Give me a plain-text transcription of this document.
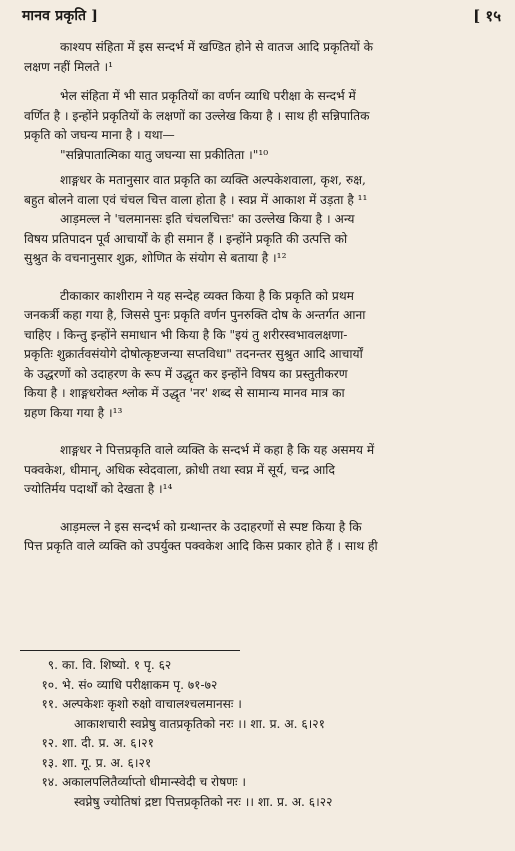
मानव प्रकृति ]	[ १५

काश्यप संहिता में इस सन्दर्भ में खण्डित होने से वातज आदि प्रकृतियों के
लक्षण नहीं मिलते ।¹

भेल संहिता में भी सात प्रकृतियों का वर्णन व्याधि परीक्षा के सन्दर्भ में
वर्णित है । इन्होंने प्रकृतियों के लक्षणों का उल्लेख किया है । साथ ही सन्निपातिक
प्रकृति को जघन्य माना है । यथा—
"सन्निपातात्मिका यातु जघन्या सा प्रकीतिता ।"¹⁰

शाङ्गधर के मतानुसार वात प्रकृति का व्यक्ति अल्पकेशवाला, कृश, रुक्ष,
बहुत बोलने वाला एवं चंचल चित्त वाला होता है । स्वप्न में आकाश में उड़ता है ¹¹

आड़मल्ल ने 'चलमानसः इति चंचलचित्तः' का उल्लेख किया है । अन्य
विषय प्रतिपादन पूर्व आचार्यों के ही समान हैं । इन्होंने प्रकृति की उत्पत्ति को
सुश्रुत के वचनानुसार शुक्र, शोणित के संयोग से बताया है ।¹²

टीकाकार काशीराम ने यह सन्देह व्यक्त किया है कि प्रकृति को प्रथम
जनकर्त्री कहा गया है, जिससे पुनः प्रकृति वर्णन पुनरुक्ति दोष के अन्तर्गत आना
चाहिए । किन्तु इन्होंने समाधान भी किया है कि "इयं तु शरीरस्वभावलक्षणा-
प्रकृतिः शुक्रार्तवसंयोगे दोषोत्कृष्टजन्या सप्तविधा" तदनन्तर सुश्रुत आदि आचार्यों
के उद्धरणों को उदाहरण के रूप में उद्धृत कर इन्होंने विषय का प्रस्तुतीकरण
किया है । शाङ्गधरोक्त श्लोक में उद्धृत 'नर' शब्द से सामान्य मानव मात्र का
ग्रहण किया गया है ।¹³

शाङ्गधर ने पित्तप्रकृति वाले व्यक्ति के सन्दर्भ में कहा है कि यह असमय में
पक्वकेश, धीमान्, अधिक स्वेदवाला, क्रोधी तथा स्वप्न में सूर्य, चन्द्र आदि
ज्योतिर्मय पदार्थों को देखता है ।¹⁴

आड़मल्ल ने इस सन्दर्भ को ग्रन्थान्तर के उदाहरणों से स्पष्ट किया है कि
पित्त प्रकृति वाले व्यक्ति को उपर्युक्त पक्वकेश आदि किस प्रकार होते हैं । साथ ही

९. का. वि. शिष्यो. १ पृ. ६२
१०. भे. सं० व्याधि परीक्षाकम पृ. ७१-७२
११. अल्पकेशः कृशो रुक्षो वाचालश्चलमानसः ।
आकाशचारी स्वप्नेषु वातप्रकृतिको नरः ।। शा. प्र. अ. ६।२१
१२. शा. दी. प्र. अ. ६।२१
१३. शा. गू. प्र. अ. ६।२१
१४. अकालपलितैर्व्याप्तो धीमान्स्वेदी च रोषणः ।
स्वप्नेषु ज्योतिषां द्रष्टा पित्तप्रकृतिको नरः ।। शा. प्र. अ. ६।२२
